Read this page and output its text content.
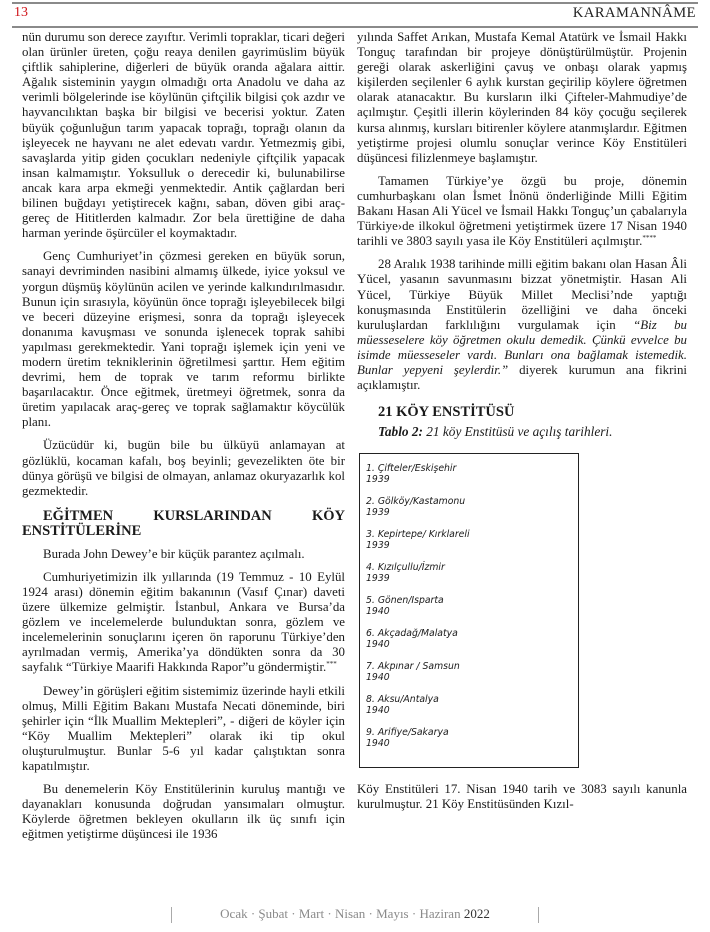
13	KARAMANNÂME

nün durumu son derece zayıftır. Verimli topraklar, ticari değeri olan ürünler üreten, çoğu reaya denilen gayrimüslim büyük çiftlik sahiplerine, diğerleri de büyük oranda ağalara aittir. Ağalık sisteminin yaygın olmadığı orta Anadolu ve daha az verimli bölgelerinde ise köylünün çiftçilik bilgisi çok azdır ve hayvancılıktan başka bir bilgisi ve becerisi yoktur. Zaten büyük çoğunluğun tarım yapacak toprağı, toprağı olanın da işleyecek ne hayvanı ne alet edevatı vardır. Yetmezmiş gibi, savaşlarda yitip giden çocukları nedeniyle çiftçilik yapacak insan kalmamıştır. Yoksulluk o derecedir ki, bulunabilirse ancak kara arpa ekmeği yenmektedir. Antik çağlardan beri bilinen buğdayı yetiştirecek kağnı, saban, döven gibi araç-gereç de Hititlerden kalmadır. Zor bela ürettiğine de daha harman yerinde öşürcüler el koymaktadır.

Genç Cumhuriyet’in çözmesi gereken en büyük sorun, sanayi devriminden nasibini almamış ülkede, iyice yoksul ve yorgun düşmüş köylünün acilen ve yerinde kalkındırılmasıdır. Bunun için sırasıyla, köyünün önce toprağı işleyebilecek bilgi ve beceri düzeyine erişmesi, sonra da toprağı işleyecek donanıma kavuşması ve sonunda işlenecek toprak sahibi yapılması gerekmektedir. Yani toprağı işlemek için yeni ve modern üretim tekniklerinin öğretilmesi şarttır. Hem eğitim devrimi, hem de toprak ve tarım reformu birlikte başarılacaktır. Önce eğitmek, üretmeyi öğretmek, sonra da üretim yapılacak araç-gereç ve toprak sağlamaktır köycülük planı.

Üzücüdür ki, bugün bile bu ülküyü anlamayan at gözlüklü, kocaman kafalı, boş beyinli; gevezelikten öte bir dünya görüşü ve bilgisi de olmayan, anlamaz okuryazarlık kol gezmektedir.

EĞİTMEN	KURSLARINDAN	KÖY
ENSTİTÜLERİNE

Burada John Dewey’e bir küçük parantez açılmalı.

Cumhuriyetimizin ilk yıllarında (19 Temmuz - 10 Eylül 1924 arası) dönemin eğitim bakanının (Vasıf Çınar) daveti üzere ülkemize gelmiştir. İstanbul, Ankara ve Bursa’da gözlem ve incelemelerde bulunduktan sonra, gözlem ve incelemelerinin sonuçlarını içeren ön raporunu Türkiye’den ayrılmadan vermiş, Amerika’ya döndükten sonra da 30 sayfalık “Türkiye Maarifi Hakkında Rapor”u göndermiştir.***

Dewey’in görüşleri eğitim sistemimiz üzerinde hayli etkili olmuş, Milli Eğitim Bakanı Mustafa Necati döneminde, biri şehirler için “İlk Muallim Mektepleri”, - diğeri de köyler için “Köy Muallim Mektepleri” olarak iki tip okul oluşturulmuştur. Bunlar 5-6 yıl kadar çalıştıktan sonra kapatılmıştır.

Bu denemelerin Köy Enstitülerinin kuruluş mantığı ve dayanakları konusunda doğrudan yansımaları olmuştur. Köylerde öğretmen bekleyen okulların ilk üç sınıfı için eğitmen yetiştirme düşüncesi ile 1936

yılında Saffet Arıkan, Mustafa Kemal Atatürk ve İsmail Hakkı Tonguç tarafından bir projeye dönüştürülmüştür. Projenin gereği olarak askerliğini çavuş ve onbaşı olarak yapmış kişilerden seçilenler 6 aylık kurstan geçirilip köylere öğretmen olarak atanacaktır. Bu kursların ilki Çifteler-Mahmudiye’de açılmıştır. Çeşitli illerin köylerinden 84 köy çocuğu seçilerek kursa alınmış, kursları bitirenler köylere atanmışlardır. Eğitmen yetiştirme projesi olumlu sonuçlar verince Köy Enstitüleri düşüncesi filizlenmeye başlamıştır.

Tamamen Türkiye’ye özgü bu proje, dönemin cumhurbaşkanı olan İsmet İnönü önderliğinde Milli Eğitim Bakanı Hasan Ali Yücel ve İsmail Hakkı Tonguç’un çabalarıyla Türkiye›de ilkokul öğretmeni yetiştirmek üzere 17 Nisan 1940 tarihli ve 3803 sayılı yasa ile Köy Enstitüleri açılmıştır.****

28 Aralık 1938 tarihinde milli eğitim bakanı olan Hasan Âli Yücel, yasanın savunmasını bizzat yönetmiştir. Hasan Ali Yücel, Türkiye Büyük Millet Meclisi’nde yaptığı konuşmasında Enstitülerin özelliğini ve daha önceki kuruluşlardan farklılığını vurgulamak için “Biz bu müesseselere köy öğretmen okulu demedik. Çünkü evvelce bu isimde müesseseler vardı. Bunları ona bağlamak istemedik. Bunlar yepyeni şeylerdir.” diyerek kurumun ana fikrini açıklamıştır.

21 KÖY ENSTİTÜSÜ
Tablo 2: 21 köy Enstitüsü ve açılış tarihleri.
1. Çifteler/Eskişehir
1939
2. Gölköy/Kastamonu
1939
3. Kepirtepe/ Kırklareli
1939
4. Kızılçullu/İzmir
1939
5. Gönen/Isparta
1940
6. Akçadağ/Malatya
1940
7. Akpınar / Samsun
1940
8. Aksu/Antalya
1940
9. Arifiye/Sakarya
1940

Köy Enstitüleri 17. Nisan 1940 tarih ve 3083 sayılı kanunla kurulmuştur. 21 Köy Enstitüsünden Kızıl-

Ocak · Şubat · Mart · Nisan · Mayıs · Haziran 2022
